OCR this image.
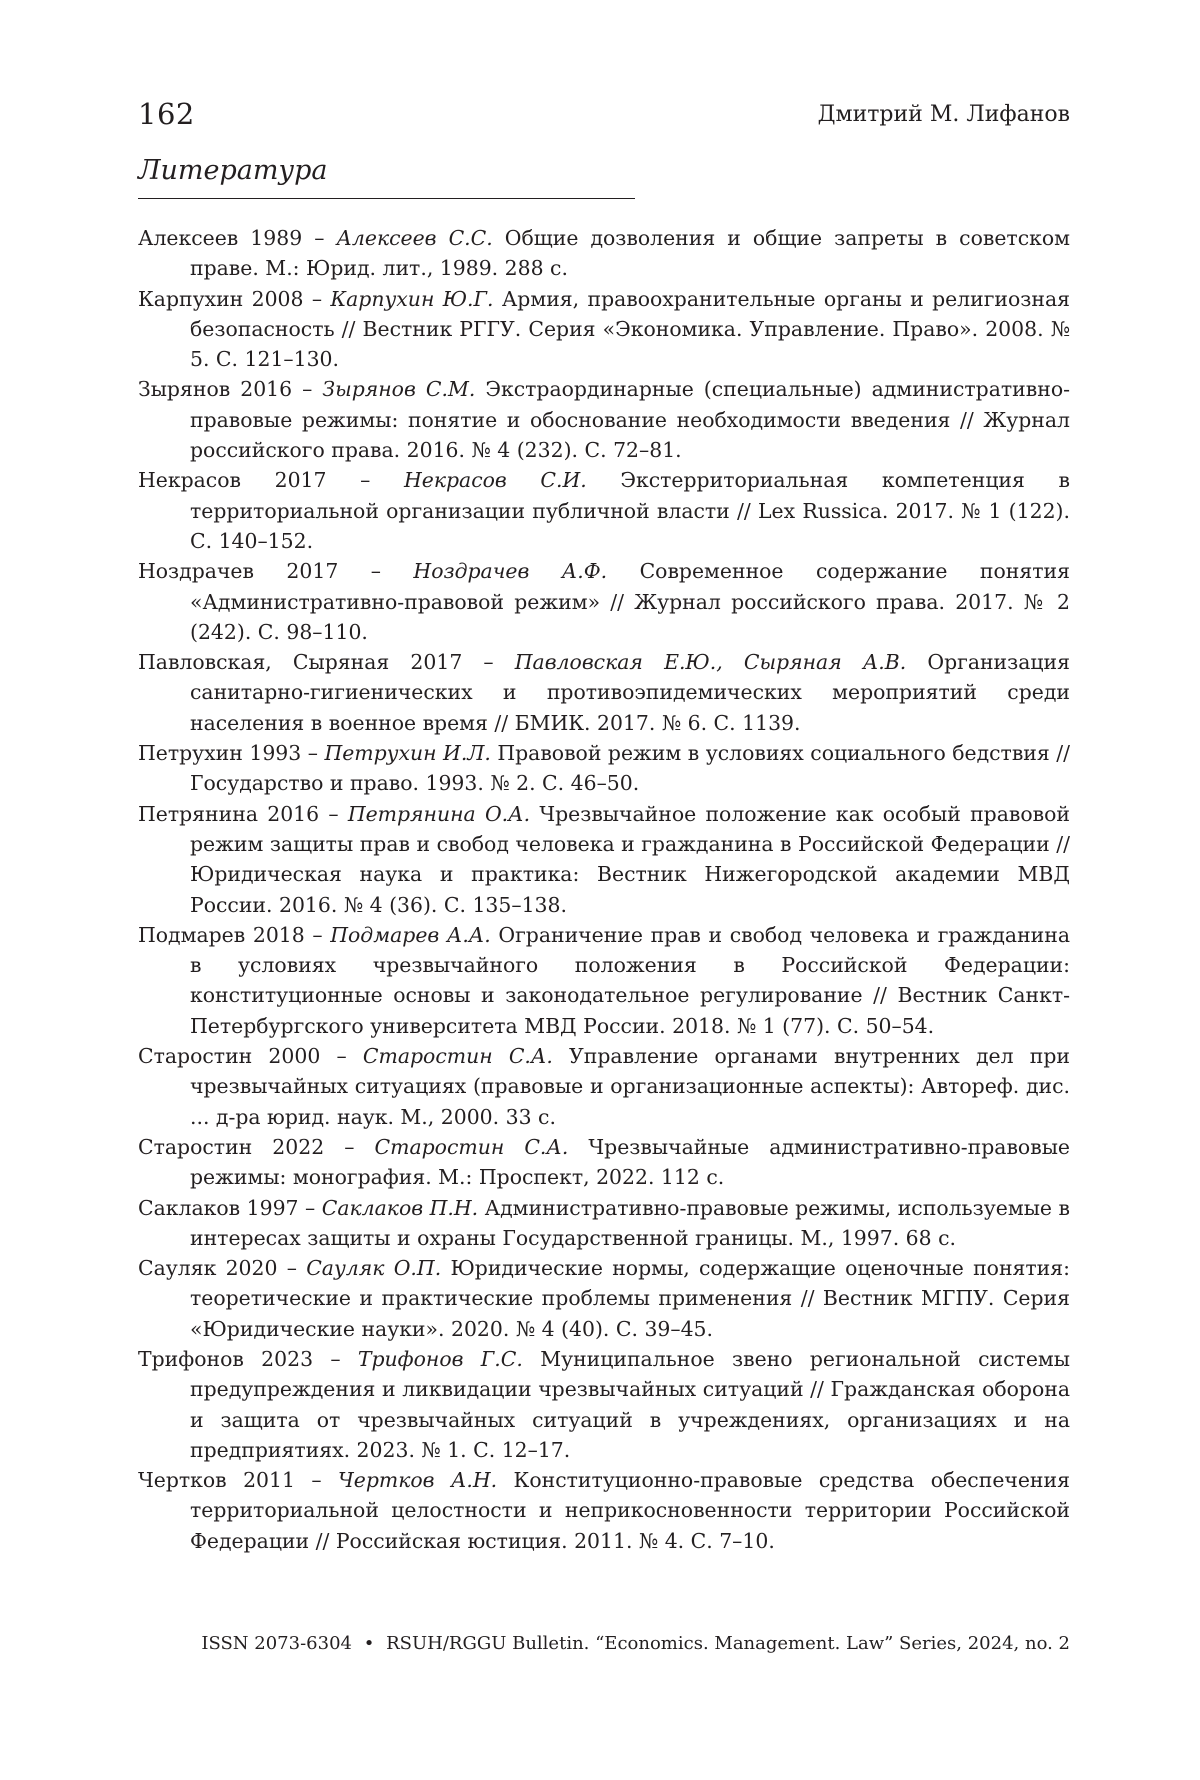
162	Дмитрий М. Лифанов
Литература
Алексеев 1989 – Алексеев С.С. Общие дозволения и общие запреты в советском праве. М.: Юрид. лит., 1989. 288 с.
Карпухин 2008 – Карпухин Ю.Г. Армия, правоохранительные органы и религиозная безопасность // Вестник РГГУ. Серия «Экономика. Управление. Право». 2008. № 5. С. 121–130.
Зырянов 2016 – Зырянов С.М. Экстраординарные (специальные) административно-правовые режимы: понятие и обоснование необходимости введения // Журнал российского права. 2016. № 4 (232). С. 72–81.
Некрасов 2017 – Некрасов С.И. Экстерриториальная компетенция в территориальной организации публичной власти // Lex Russica. 2017. № 1 (122). С. 140–152.
Ноздрачев 2017 – Ноздрачев А.Ф. Современное содержание понятия «Административно-правовой режим» // Журнал российского права. 2017. № 2 (242). С. 98–110.
Павловская, Сыряная 2017 – Павловская Е.Ю., Сыряная А.В. Организация санитарно-гигиенических и противоэпидемических мероприятий среди населения в военное время // БМИК. 2017. № 6. С. 1139.
Петрухин 1993 – Петрухин И.Л. Правовой режим в условиях социального бедствия // Государство и право. 1993. № 2. С. 46–50.
Петрянина 2016 – Петрянина О.А. Чрезвычайное положение как особый правовой режим защиты прав и свобод человека и гражданина в Российской Федерации // Юридическая наука и практика: Вестник Нижегородской академии МВД России. 2016. № 4 (36). С. 135–138.
Подмарев 2018 – Подмарев А.А. Ограничение прав и свобод человека и гражданина в условиях чрезвычайного положения в Российской Федерации: конституционные основы и законодательное регулирование // Вестник Санкт-Петербургского университета МВД России. 2018. № 1 (77). С. 50–54.
Старостин 2000 – Старостин С.А. Управление органами внутренних дел при чрезвычайных ситуациях (правовые и организационные аспекты): Автореф. дис. ... д-ра юрид. наук. М., 2000. 33 с.
Старостин 2022 – Старостин С.А. Чрезвычайные административно-правовые режимы: монография. М.: Проспект, 2022. 112 с.
Саклаков 1997 – Саклаков П.Н. Административно-правовые режимы, используемые в интересах защиты и охраны Государственной границы. М., 1997. 68 с.
Сауляк 2020 – Сауляк О.П. Юридические нормы, содержащие оценочные понятия: теоретические и практические проблемы применения // Вестник МГПУ. Серия «Юридические науки». 2020. № 4 (40). С. 39–45.
Трифонов 2023 – Трифонов Г.С. Муниципальное звено региональной системы предупреждения и ликвидации чрезвычайных ситуаций // Гражданская оборона и защита от чрезвычайных ситуаций в учреждениях, организациях и на предприятиях. 2023. № 1. С. 12–17.
Чертков 2011 – Чертков А.Н. Конституционно-правовые средства обеспечения территориальной целостности и неприкосновенности территории Российской Федерации // Российская юстиция. 2011. № 4. С. 7–10.
ISSN 2073-6304 • RSUH/RGGU Bulletin. “Economics. Management. Law” Series, 2024, no. 2
